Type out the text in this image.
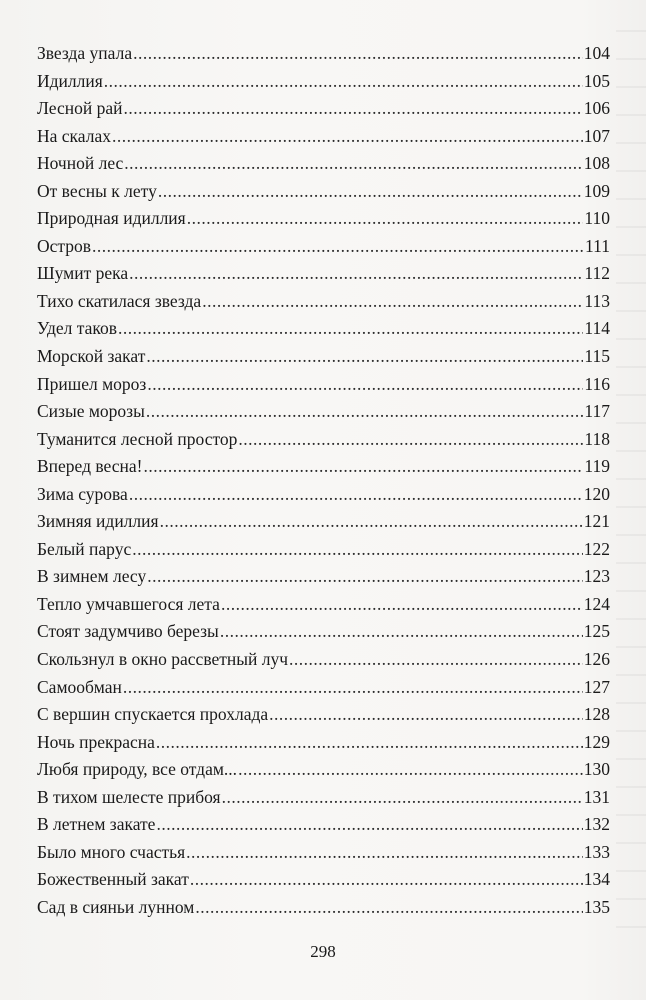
Звезда упала .....	104
Идиллия .....	105
Лесной рай .....	106
На скалах .....	107
Ночной лес .....	108
От весны к лету .....	109
Природная идиллия .....	110
Остров .....	111
Шумит река .....	112
Тихо скатилася звезда .....	113
Удел таков .....	114
Морской закат .....	115
Пришел мороз .....	116
Сизые морозы .....	117
Туманится лесной простор .....	118
Вперед весна! .....	119
Зима сурова .....	120
Зимняя идиллия .....	121
Белый парус .....	122
В зимнем лесу .....	123
Тепло умчавшегося лета .....	124
Стоят задумчиво березы .....	125
Скользнул в окно рассветный луч .....	126
Самообман .....	127
С вершин спускается прохлада .....	128
Ночь прекрасна .....	129
Любя природу, все отдам... .....	130
В тихом шелесте прибоя .....	131
В летнем закате .....	132
Было много счастья .....	133
Божественный закат .....	134
Сад в сияньи лунном .....	135
298
